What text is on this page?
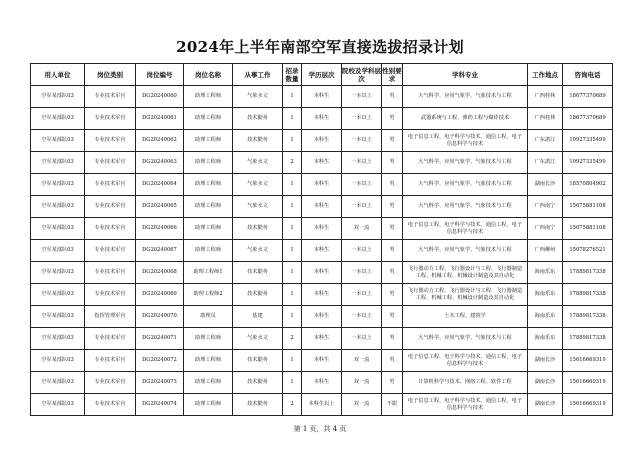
2024年上半年南部空军直接选拔招录计划
用人单位	岗位类别	岗位编号	岗位名称	从事工作	招录数量	学历层次	院校及学科层次	性别要求	学科专业	工作地点	咨询电话
空军某部队03	专业技术军官	DG20240060	助理工程师	气象水文	1	本科生	一本以上	男	大气科学、应用气象学、气象技术与工程	广西桂林	18677370689
空军某部队03	专业技术军官	DG20240061	助理工程师	技术勤务	1	本科生	一本以上	男	武器系统与工程、弹药工程与爆炸技术	广西桂林	18677370689
空军某部队03	专业技术军官	DG20240062	助理工程师	技术勤务	1	本科生	一本以上	男	电子信息工程、电子科学与技术、通信工程、电子信息科学与技术	广东湛江	19927335499
空军某部队03	专业技术军官	DG20240063	助理工程师	气象水文	2	本科生	一本以上	男	大气科学、应用气象学、气象技术与工程	广东湛江	19927335499
空军某部队03	专业技术军官	DG20240064	助理工程师	气象水文	1	本科生	一本以上	男	大气科学、应用气象学、气象技术与工程	湖南长沙	18570804902
空军某部队03	专业技术军官	DG20240065	助理工程师	气象水文	1	本科生	一本以上	男	大气科学、应用气象学、气象技术与工程	广西南宁	15675881108
空军某部队03	专业技术军官	DG20240066	助理工程师	技术勤务	1	本科生	双一流	男	电子信息工程、电子科学与技术、通信工程、电子信息科学与技术	广西南宁	15675881108
空军某部队03	专业技术军官	DG20240067	助理工程师	气象水文	1	本科生	一本以上	男	大气科学、应用气象学、气象技术与工程	广西柳州	15078276521
空军某部队03	专业技术军官	DG20240068	助理工程师1	技术勤务	1	本科生	一本以上	男	飞行器动力工程、飞行器设计与工程、飞行器制造工程、机械工程、机械设计制造及其自动化	海南乐东	17889817338
空军某部队03	专业技术军官	DG20240069	助理工程师2	技术勤务	1	本科生	一本以上	男	飞行器动力工程、飞行器设计与工程、飞行器制造工程、机械工程、机械设计制造及其自动化	海南乐东	17889817338
空军某部队03	指挥管理军官	DG20240070	助理员	基建	1	本科生	一本以上	男	土木工程、建筑学	海南乐东	17889817338
空军某部队03	专业技术军官	DG20240071	助理工程师	气象水文	2	本科生	一本以上	男	大气科学、应用气象学、气象技术与工程	海南乐东	17889817338
空军某部队03	专业技术军官	DG20240072	助理工程师	技术勤务	1	本科生	双一流	男	电子信息工程、电子科学与技术、通信工程、电子信息科学与技术	湖南长沙	15616669319
空军某部队03	专业技术军官	DG20240073	助理工程师	技术勤务	1	本科生	双一流	男	计算机科学与技术、网络工程、软件工程	湖南长沙	15616669319
空军某部队03	专业技术军官	DG20240074	助理工程师	技术勤务	2	本科生以上	双一流	不限	电子信息工程、电子科学与技术、通信工程、电子信息科学与技术	湖南长沙	15616669319
第 1 页，共 4 页
